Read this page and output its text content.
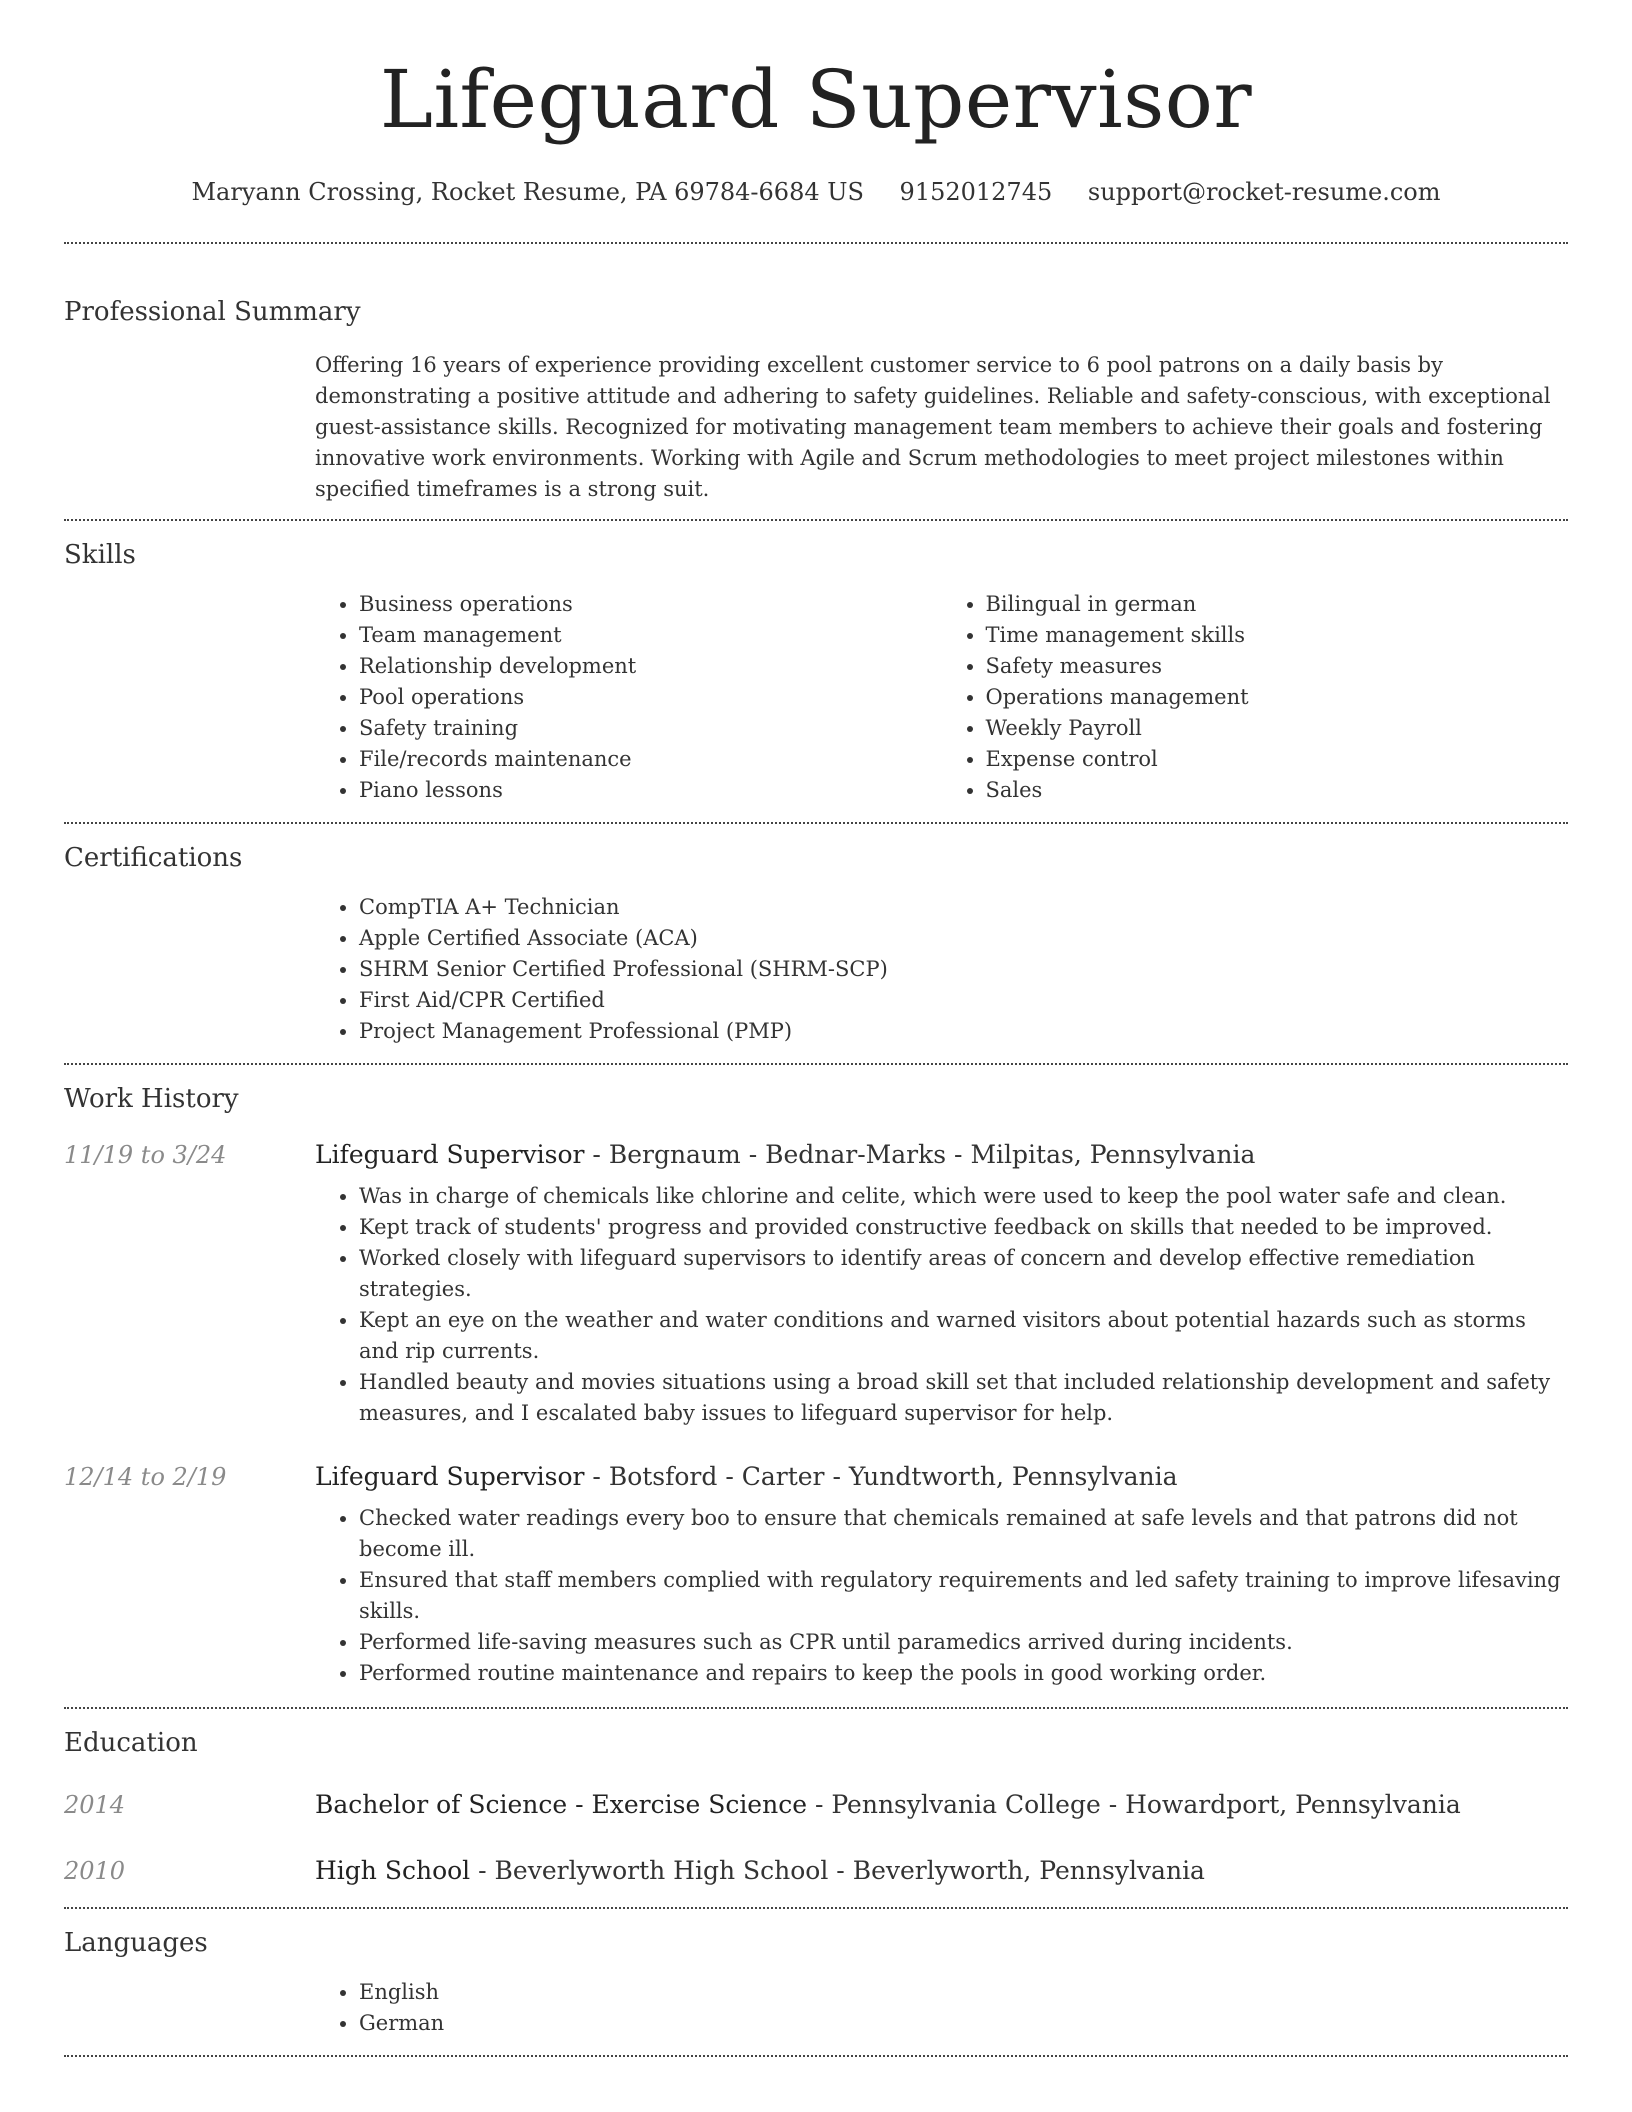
Lifeguard Supervisor
Maryann Crossing, Rocket Resume, PA 69784-6684 US 9152012745 support@rocket-resume.com
Professional Summary

Offering 16 years of experience providing excellent customer service to 6 pool patrons on a daily basis by demonstrating a positive attitude and adhering to safety guidelines. Reliable and safety-conscious, with exceptional guest-assistance skills. Recognized for motivating management team members to achieve their goals and fostering innovative work environments. Working with Agile and Scrum methodologies to meet project milestones within specified timeframes is a strong suit.

Skills
• Business operations
• Team management
• Relationship development
• Pool operations
• Safety training
• File/records maintenance
• Piano lessons
• Bilingual in german
• Time management skills
• Safety measures
• Operations management
• Weekly Payroll
• Expense control
• Sales
Certifications
• CompTIA A+ Technician
• Apple Certified Associate (ACA)
• SHRM Senior Certified Professional (SHRM-SCP)
• First Aid/CPR Certified
• Project Management Professional (PMP)
Work History
11/19 to 3/24	Lifeguard Supervisor - Bergnaum - Bednar-Marks - Milpitas, Pennsylvania
• Was in charge of chemicals like chlorine and celite, which were used to keep the pool water safe and clean.
• Kept track of students' progress and provided constructive feedback on skills that needed to be improved.
• Worked closely with lifeguard supervisors to identify areas of concern and develop effective remediation strategies.
• Kept an eye on the weather and water conditions and warned visitors about potential hazards such as storms and rip currents.
• Handled beauty and movies situations using a broad skill set that included relationship development and safety measures, and I escalated baby issues to lifeguard supervisor for help.
12/14 to 2/19	Lifeguard Supervisor - Botsford - Carter - Yundtworth, Pennsylvania
• Checked water readings every boo to ensure that chemicals remained at safe levels and that patrons did not become ill.
• Ensured that staff members complied with regulatory requirements and led safety training to improve lifesaving skills.
• Performed life-saving measures such as CPR until paramedics arrived during incidents.
• Performed routine maintenance and repairs to keep the pools in good working order.
Education
2014	Bachelor of Science - Exercise Science - Pennsylvania College - Howardport, Pennsylvania
2010	High School - Beverlyworth High School - Beverlyworth, Pennsylvania
Languages
• English
• German
